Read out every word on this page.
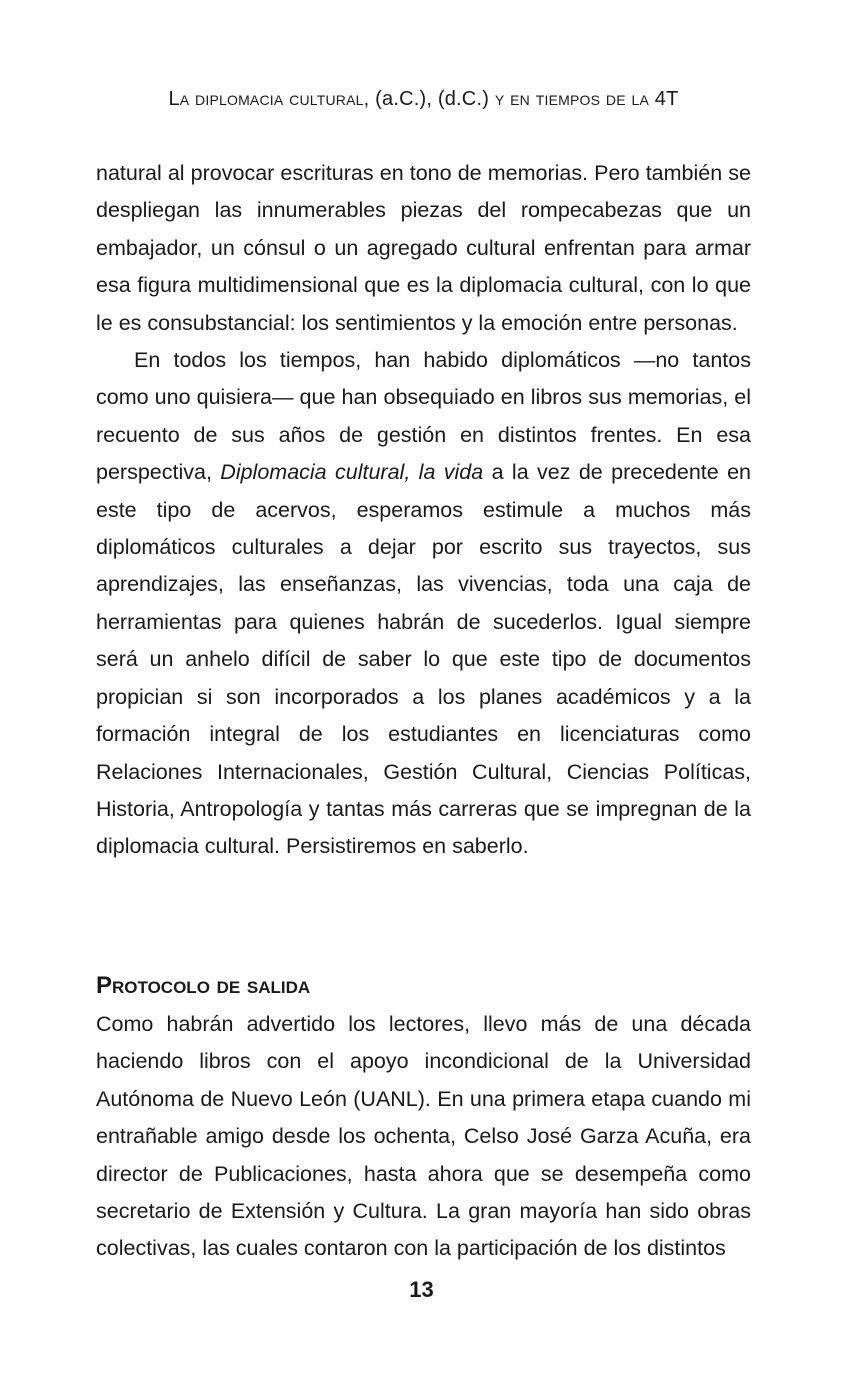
La diplomacia cultural, (a.C.), (d.C.) y en tiempos de la 4T

natural al provocar escrituras en tono de memorias. Pero también se despliegan las innumerables piezas del rompecabezas que un embajador, un cónsul o un agregado cultural enfrentan para armar esa figura multidimensional que es la diplomacia cultural, con lo que le es consubstancial: los sentimientos y la emoción entre personas.

En todos los tiempos, han habido diplomáticos —no tantos como uno quisiera— que han obsequiado en libros sus memorias, el recuento de sus años de gestión en distintos frentes. En esa perspectiva, Diplomacia cultural, la vida a la vez de precedente en este tipo de acervos, esperamos estimule a muchos más diplomáticos culturales a dejar por escrito sus trayectos, sus aprendizajes, las enseñanzas, las vivencias, toda una caja de herramientas para quienes habrán de sucederlos. Igual siempre será un anhelo difícil de saber lo que este tipo de documentos propician si son incorporados a los planes académicos y a la formación integral de los estudiantes en licenciaturas como Relaciones Internacionales, Gestión Cultural, Ciencias Políticas, Historia, Antropología y tantas más carreras que se impregnan de la diplomacia cultural. Persistiremos en saberlo.

Protocolo de salida

Como habrán advertido los lectores, llevo más de una década haciendo libros con el apoyo incondicional de la Universidad Autónoma de Nuevo León (UANL). En una primera etapa cuando mi entrañable amigo desde los ochenta, Celso José Garza Acuña, era director de Publicaciones, hasta ahora que se desempeña como secretario de Extensión y Cultura. La gran mayoría han sido obras colectivas, las cuales contaron con la participación de los distintos

13
